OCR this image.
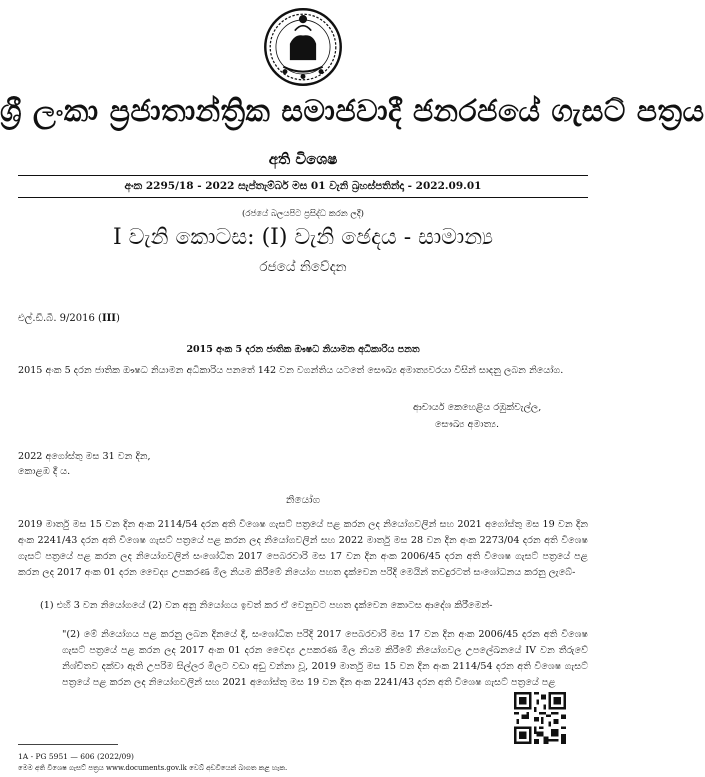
ශ්‍රී ලංකා ප්‍රජාතාන්ත්‍රික සමාජවාදී ජනරජයේ ගැසට් පත්‍රය
අති විශෙෂ
අංක 2295/18 - 2022 සැප්තැම්බර් මස 01 වැනි බ්‍රහස්පතින්දා - 2022.09.01
(රජයේ බලයපිට ප්‍රසිද්ධ කරන ලදී)
I වැනි කොටස: (I) වැනි ඡෙදය - සාමාන්‍ය
රජයේ නිවේදන
එල්.ඩී.බී. 9/2016 (III)
2015 අංක 5 දරන ජාතික ඖෂධ නියාමන අධිකාරිය පනත
2015 අංක 5 දරන ජාතික ඖෂධ නියාමන අධිකාරිය පනතේ 142 වන වගන්තිය යටතේ සෞඛ්‍ය අමාත්‍යවරයා විසින් සාදනු ලබන නියෝග.
ආචාර්ය කෙහෙළිය රඹුක්වැල්ල,
සෞඛ්‍ය අමාත්‍ය.
2022 අගෝස්තු මස 31 වන දින,
කොළඹ දී ය.
නියෝග
2019 මාර්තු මස 15 වන දින අංක 2114/54 දරන අති විශෙෂ ගැසට් පත්‍රයේ පළ කරන ලද නියෝගවලින් සහ 2021 අගෝස්තු මස 19 වන දින අංක 2241/43 දරන අති විශෙෂ ගැසට් පත්‍රයේ පළ කරන ලද නියෝගවලින් සහ 2022 මාර්තු මස 28 වන දින අංක 2273/04 දරන අති විශෙෂ ගැසට් පත්‍රයේ පළ කරන ලද නියෝගවලින් සංශෝධිත 2017 පෙබරවාරි මස 17 වන දින අංක 2006/45 දරන අති විශෙෂ ගැසට් පත්‍රයේ පළ කරන ලද 2017 අංක 01 දරන වෛද්‍ය උපකරණ මිල නියම කිරීමේ නියෝග පහත දැක්වෙන පරිදි මෙයින් තවදුරටත් සංශෝධනය කරනු ලැබේ-
(1) එහි 3 වන නියෝගයේ (2) වන අනු නියෝගය ඉවත් කර ඒ වෙනුවට පහත දැක්වෙන කොටස ආදේශ කිරීමෙන්-
"(2) මේ නියෝගය පළ කරනු ලබන දිනයේ දී, සංශෝධිත පරිදි 2017 පෙබරවාරි මස 17 වන දින අංක 2006/45 දරන අති විශෙෂ ගැසට් පත්‍රයේ පළ කරන ලද 2017 අංක 01 දරන වෛද්‍ය උපකරණ මිල නියම කිරීමේ නියෝගවල උපලේඛනයේ IV වන තීරුවේ නිශ්චිතව දක්වා ඇති උපරිම සිල්ලර මිලට වඩා අඩු වන්නා වූ, 2019 මාර්තු මස 15 වන දින අංක 2114/54 දරන අති විශෙෂ ගැසට් පත්‍රයේ පළ කරන ලද නියෝගවලින් සහ 2021 අගෝස්තු මස 19 වන දින අංක 2241/43 දරන අති විශෙෂ ගැසට් පත්‍රයේ පළ
1A - PG 5951 — 606 (2022/09)
මෙම අති විශෙෂ ගැසට් පත්‍රය www.documents.gov.lk වෙබ් අඩවියෙන් බාගත කළ හැක.
